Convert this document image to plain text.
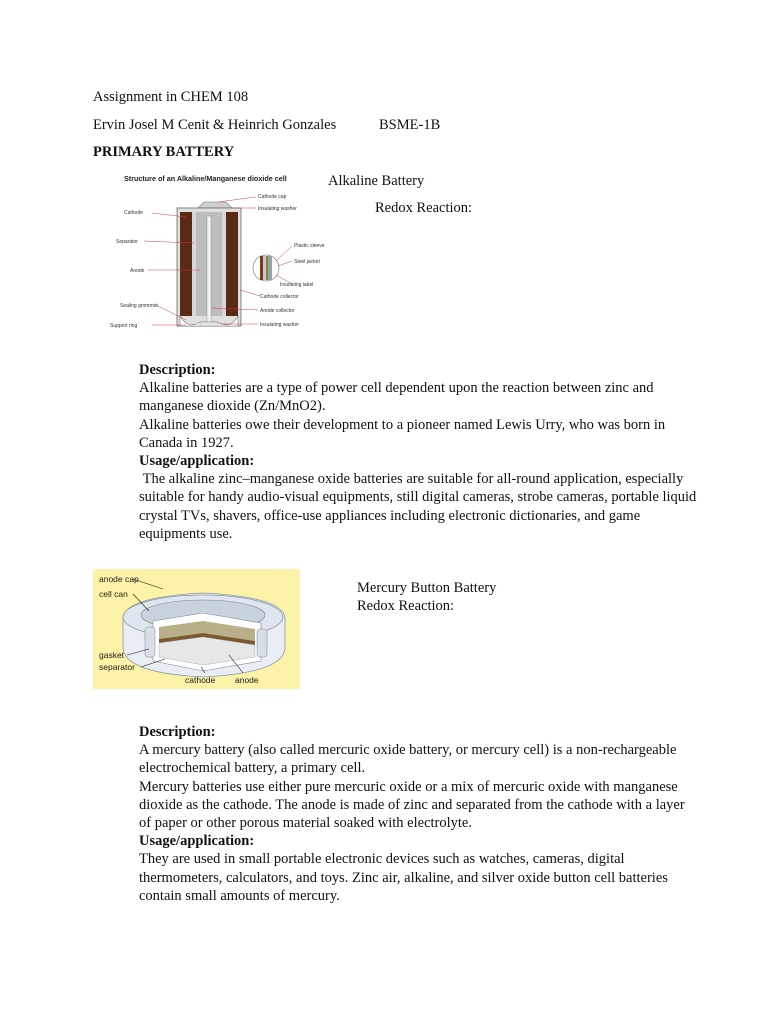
Assignment in CHEM 108
Ervin Josel M Cenit & Heinrich Gonzales	BSME-1B
PRIMARY BATTERY
Structure of an Alkaline/Manganese dioxide cell
Cathode cap
Insulating washer
Cathode
Separator
Plastic sleeve
Steel jacket
Anode
Insulating label
Cathode collector
Sealing grommet
Anode collector
Support ring	Insulating washer
Alkaline Battery
Redox Reaction:

Description:

Alkaline batteries are a type of power cell dependent upon the reaction between zinc and manganese dioxide (Zn/MnO2).

Alkaline batteries owe their development to a pioneer named Lewis Urry, who was born in Canada in 1927.

Usage/application:

The alkaline zinc–manganese oxide batteries are suitable for all-round application, especially suitable for handy audio-visual equipments, still digital cameras, strobe cameras, portable liquid crystal TVs, shavers, office-use appliances including electronic dictionaries, and game equipments use.

anode cap
cell can
gasket
separator
cathode anode
Mercury Button Battery
Redox Reaction:

Description:

A mercury battery (also called mercuric oxide battery, or mercury cell) is a non-rechargeable electrochemical battery, a primary cell.

Mercury batteries use either pure mercuric oxide or a mix of mercuric oxide with manganese dioxide as the cathode. The anode is made of zinc and separated from the cathode with a layer of paper or other porous material soaked with electrolyte.

Usage/application:

They are used in small portable electronic devices such as watches, cameras, digital thermometers, calculators, and toys. Zinc air, alkaline, and silver oxide button cell batteries contain small amounts of mercury.
